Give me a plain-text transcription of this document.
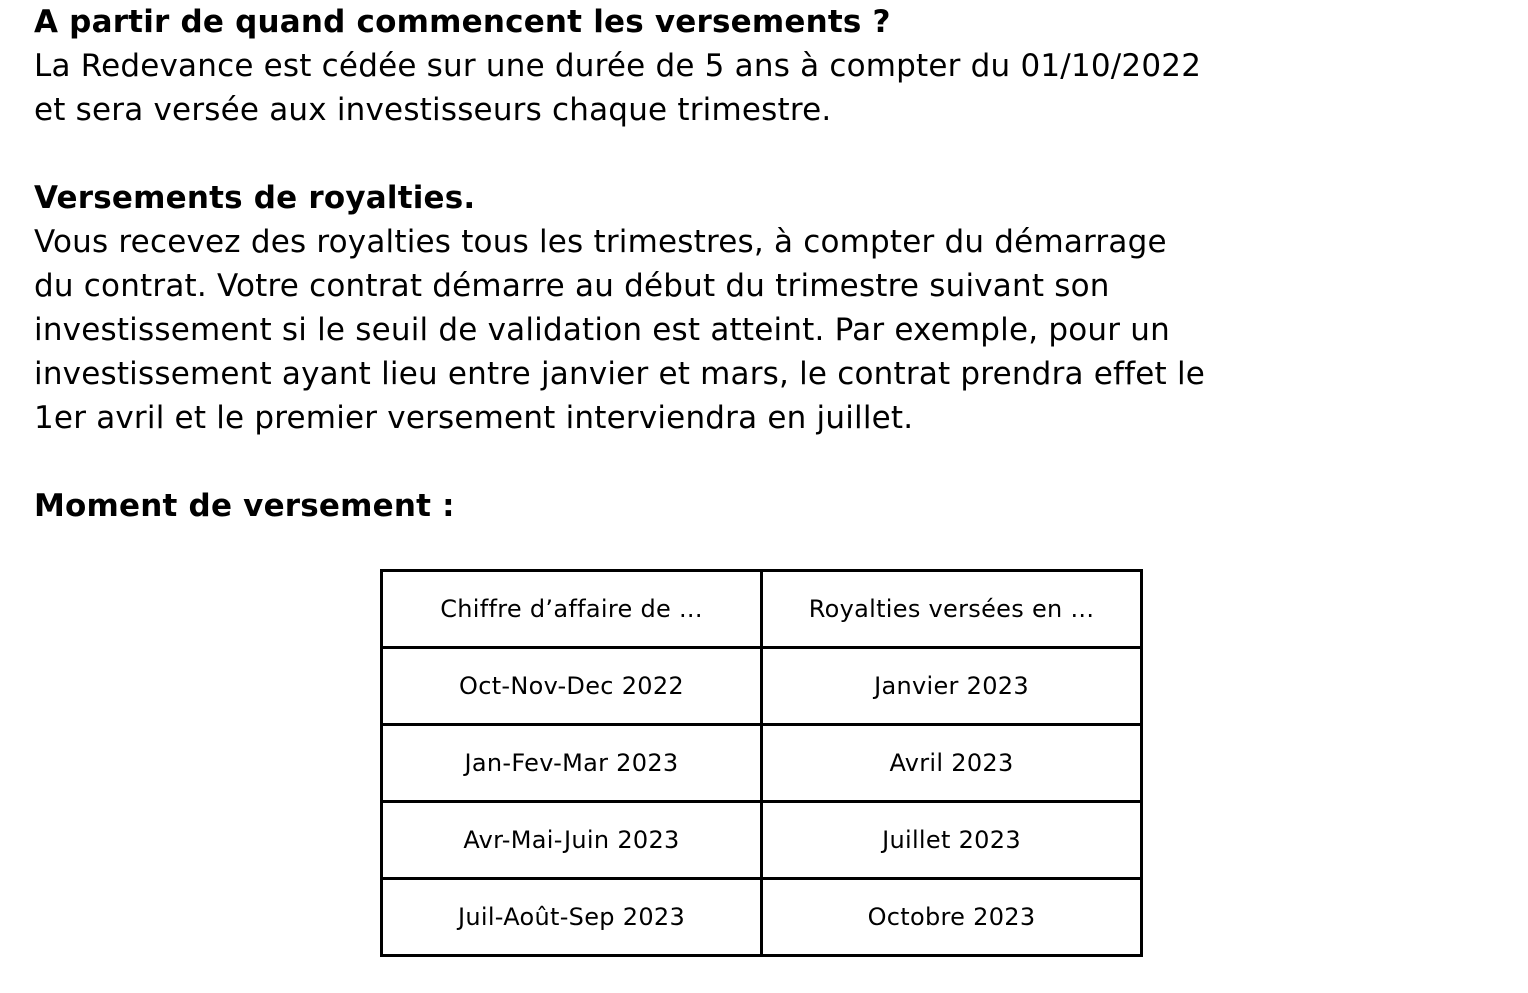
A partir de quand commencent les versements ?
La Redevance est cédée sur une durée de 5 ans à compter du 01/10/2022
et sera versée aux investisseurs chaque trimestre.
Versements de royalties.
Vous recevez des royalties tous les trimestres, à compter du démarrage
du contrat. Votre contrat démarre au début du trimestre suivant son
investissement si le seuil de validation est atteint. Par exemple, pour un
investissement ayant lieu entre janvier et mars, le contrat prendra effet le
1er avril et le premier versement interviendra en juillet.
Moment de versement :
Chiffre d’affaire de ...	Royalties versées en ...
Oct-Nov-Dec 2022	Janvier 2023
Jan-Fev-Mar 2023	Avril 2023
Avr-Mai-Juin 2023	Juillet 2023
Juil-Août-Sep 2023	Octobre 2023
